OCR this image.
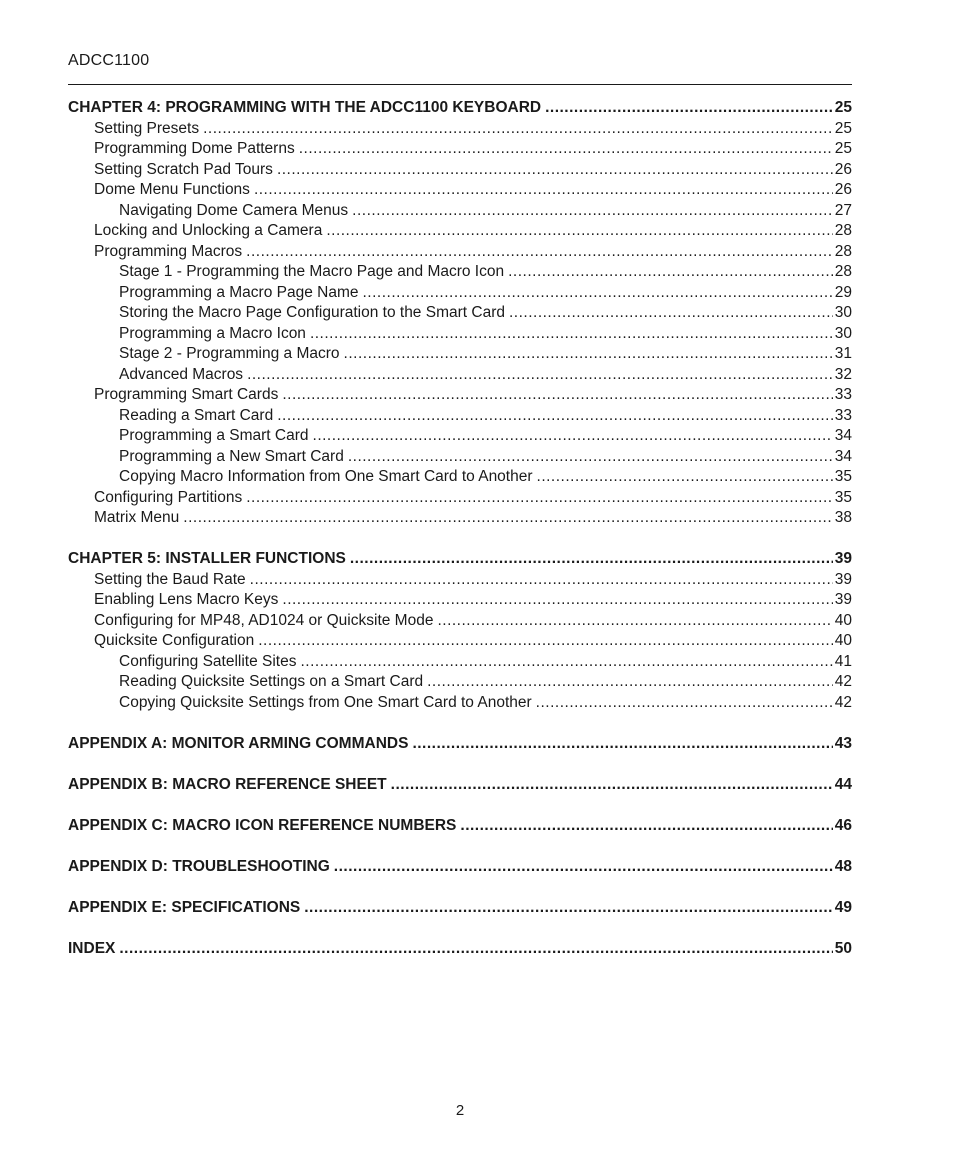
ADCC1100
CHAPTER 4: PROGRAMMING WITH THE ADCC1100 KEYBOARD .....	25
Setting Presets .....	25
Programming Dome Patterns .....	25
Setting Scratch Pad Tours .....	26
Dome Menu Functions .....	26
Navigating Dome Camera Menus .....	27
Locking and Unlocking a Camera .....	28
Programming Macros .....	28
Stage 1 - Programming the Macro Page and Macro Icon .....	28
Programming a Macro Page Name .....	29
Storing the Macro Page Configuration to the Smart Card .....	30
Programming a Macro Icon .....	30
Stage 2 - Programming a Macro .....	31
Advanced Macros .....	32
Programming Smart Cards .....	33
Reading a Smart Card .....	33
Programming a Smart Card .....	34
Programming a New Smart Card .....	34
Copying Macro Information from One Smart Card to Another .....	35
Configuring Partitions .....	35
Matrix Menu .....	38
CHAPTER 5: INSTALLER FUNCTIONS .....	39
Setting the Baud Rate .....	39
Enabling Lens Macro Keys .....	39
Configuring for MP48, AD1024 or Quicksite Mode .....	40
Quicksite Configuration .....	40
Configuring Satellite Sites .....	41
Reading Quicksite Settings on a Smart Card .....	42
Copying Quicksite Settings from One Smart Card to Another .....	42
APPENDIX A: MONITOR ARMING COMMANDS .....	43
APPENDIX B: MACRO REFERENCE SHEET .....	44
APPENDIX C: MACRO ICON REFERENCE NUMBERS .....	46
APPENDIX D: TROUBLESHOOTING .....	48
APPENDIX E: SPECIFICATIONS .....	49
INDEX .....	50
2
